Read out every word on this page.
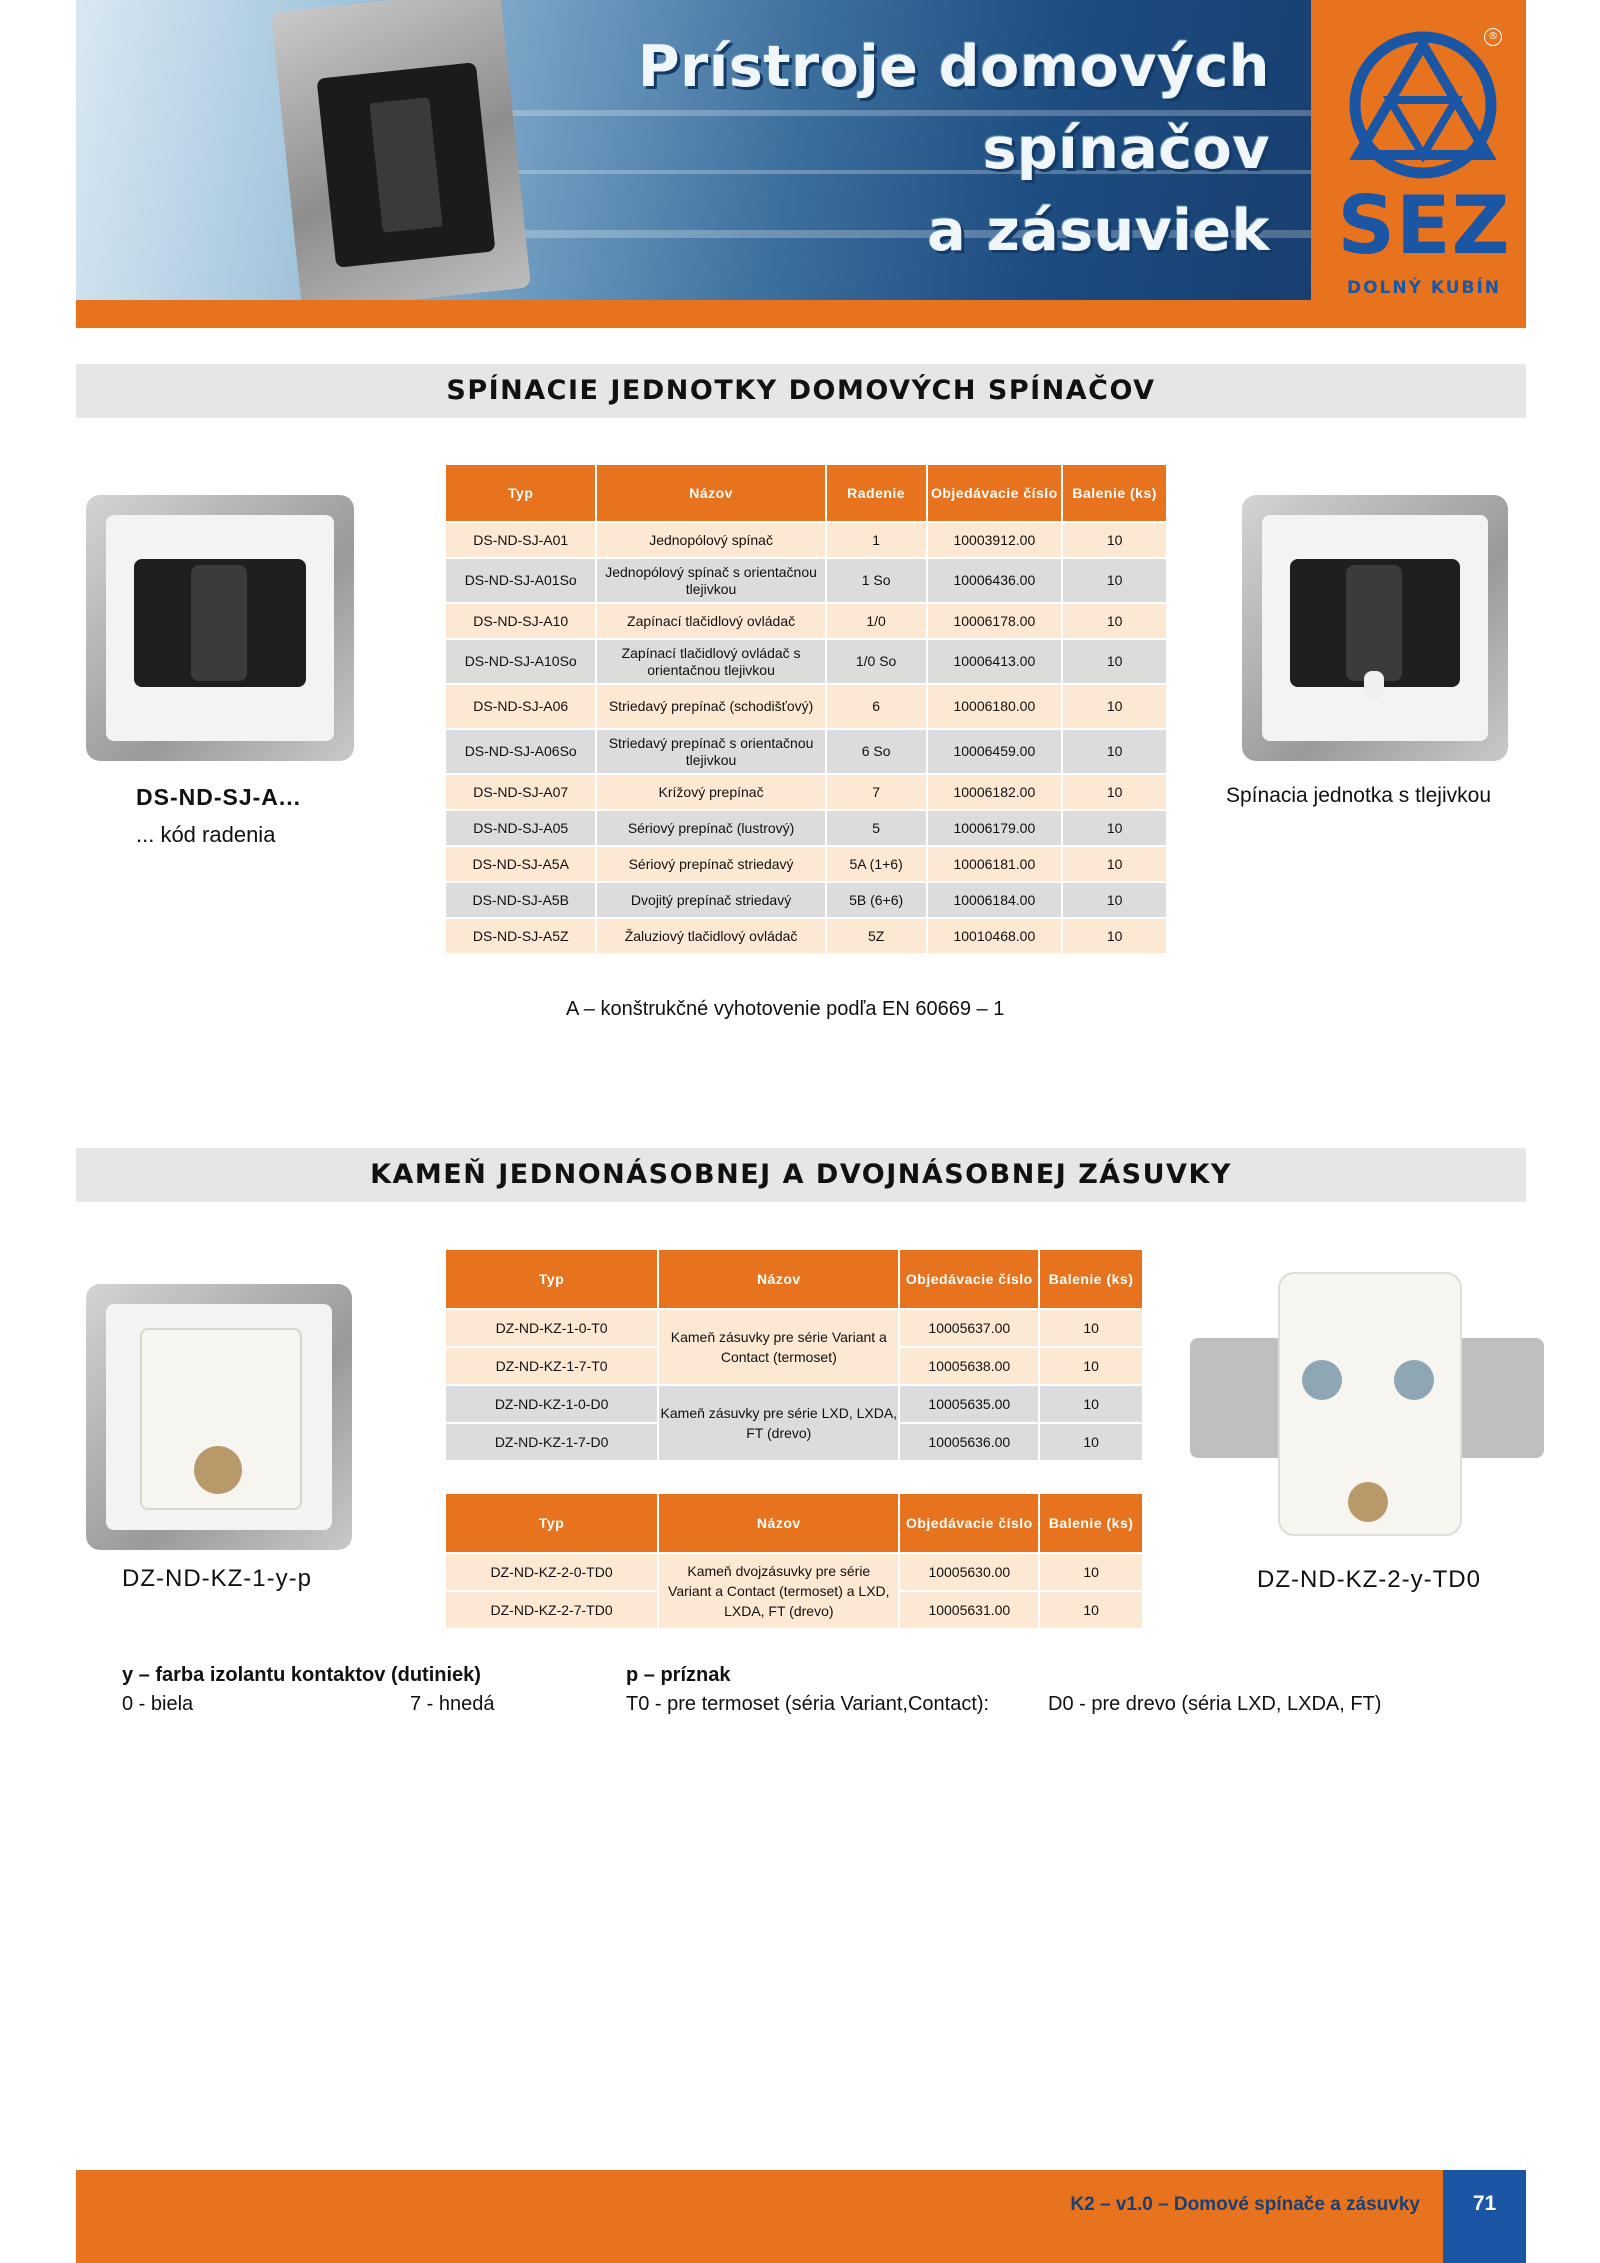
Prístroje domových
spínačov
a zásuviek
®
SEZ
DOLNÝ KUBÍN
SPÍNACIE JEDNOTKY DOMOVÝCH SPÍNAČOV
DS-ND-SJ-A...
... kód radenia
Spínacia jednotka s tlejivkou
Typ	Názov	Radenie	Objedávacie číslo	Balenie (ks)
DS-ND-SJ-A01	Jednopólový spínač	1	10003912.00	10
DS-ND-SJ-A01So	Jednopólový spínač s orientačnou tlejivkou	1 So	10006436.00	10
DS-ND-SJ-A10	Zapínací tlačidlový ovládač	1/0	10006178.00	10
DS-ND-SJ-A10So	Zapínací tlačidlový ovládač s orientačnou tlejivkou	1/0 So	10006413.00	10
DS-ND-SJ-A06	Striedavý prepínač (schodišťový)	6	10006180.00	10
DS-ND-SJ-A06So	Striedavý prepínač s orientačnou tlejivkou	6 So	10006459.00	10
DS-ND-SJ-A07	Krížový prepínač	7	10006182.00	10
DS-ND-SJ-A05	Sériový prepínač (lustrový)	5	10006179.00	10
DS-ND-SJ-A5A	Sériový prepínač striedavý	5A (1+6)	10006181.00	10
DS-ND-SJ-A5B	Dvojitý prepínač striedavý	5B (6+6)	10006184.00	10
DS-ND-SJ-A5Z	Žaluziový tlačidlový ovládač	5Z	10010468.00	10
A – konštrukčné vyhotovenie podľa EN 60669 – 1
KAMEŇ JEDNONÁSOBNEJ A DVOJNÁSOBNEJ ZÁSUVKY
DZ-ND-KZ-1-y-p	DZ-ND-KZ-2-y-TD0
Typ	Názov	Objedávacie číslo	Balenie (ks)
DZ-ND-KZ-1-0-T0	Kameň zásuvky pre série Variant a Contact (termoset)	10005637.00	10
DZ-ND-KZ-1-7-T0		10005638.00	10
DZ-ND-KZ-1-0-D0	Kameň zásuvky pre série LXD, LXDA, FT (drevo)	10005635.00	10
DZ-ND-KZ-1-7-D0		10005636.00	10
Typ	Názov	Objedávacie číslo	Balenie (ks)
DZ-ND-KZ-2-0-TD0	Kameň dvojzásuvky pre série Variant a Contact (termoset) a LXD, LXDA, FT (drevo)	10005630.00	10
DZ-ND-KZ-2-7-TD0		10005631.00	10
y – farba izolantu kontaktov (dutiniek)
0 - biela	7 - hnedá
p – príznak
T0 - pre termoset (séria Variant,Contact):	D0 - pre drevo (séria LXD, LXDA, FT)
K2 – v1.0 – Domové spínače a zásuvky	71
